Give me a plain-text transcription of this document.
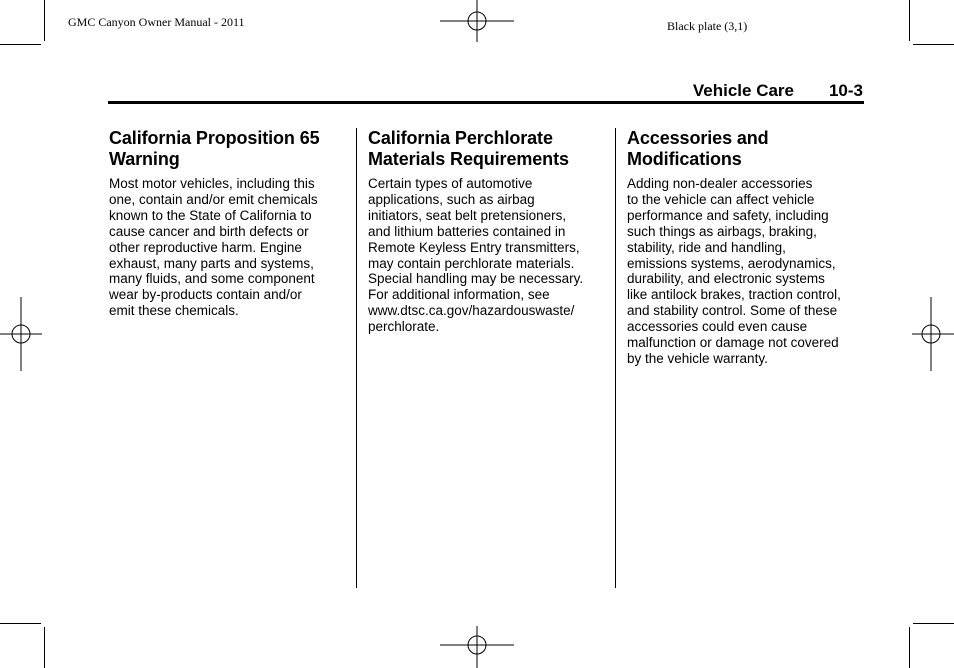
GMC Canyon Owner Manual - 2011	Black plate (3,1)
Vehicle Care 10-3
California Proposition 65 Warning

Most motor vehicles, including this
one, contain and/or emit chemicals
known to the State of California to
cause cancer and birth defects or
other reproductive harm. Engine
exhaust, many parts and systems,
many fluids, and some component
wear by-products contain and/or
emit these chemicals.

California Perchlorate Materials Requirements

Certain types of automotive
applications, such as airbag
initiators, seat belt pretensioners,
and lithium batteries contained in
Remote Keyless Entry transmitters,
may contain perchlorate materials.
Special handling may be necessary.
For additional information, see
www.dtsc.ca.gov/hazardouswaste/
perchlorate.

Accessories and Modifications

Adding non-dealer accessories
to the vehicle can affect vehicle
performance and safety, including
such things as airbags, braking,
stability, ride and handling,
emissions systems, aerodynamics,
durability, and electronic systems
like antilock brakes, traction control,
and stability control. Some of these
accessories could even cause
malfunction or damage not covered
by the vehicle warranty.
